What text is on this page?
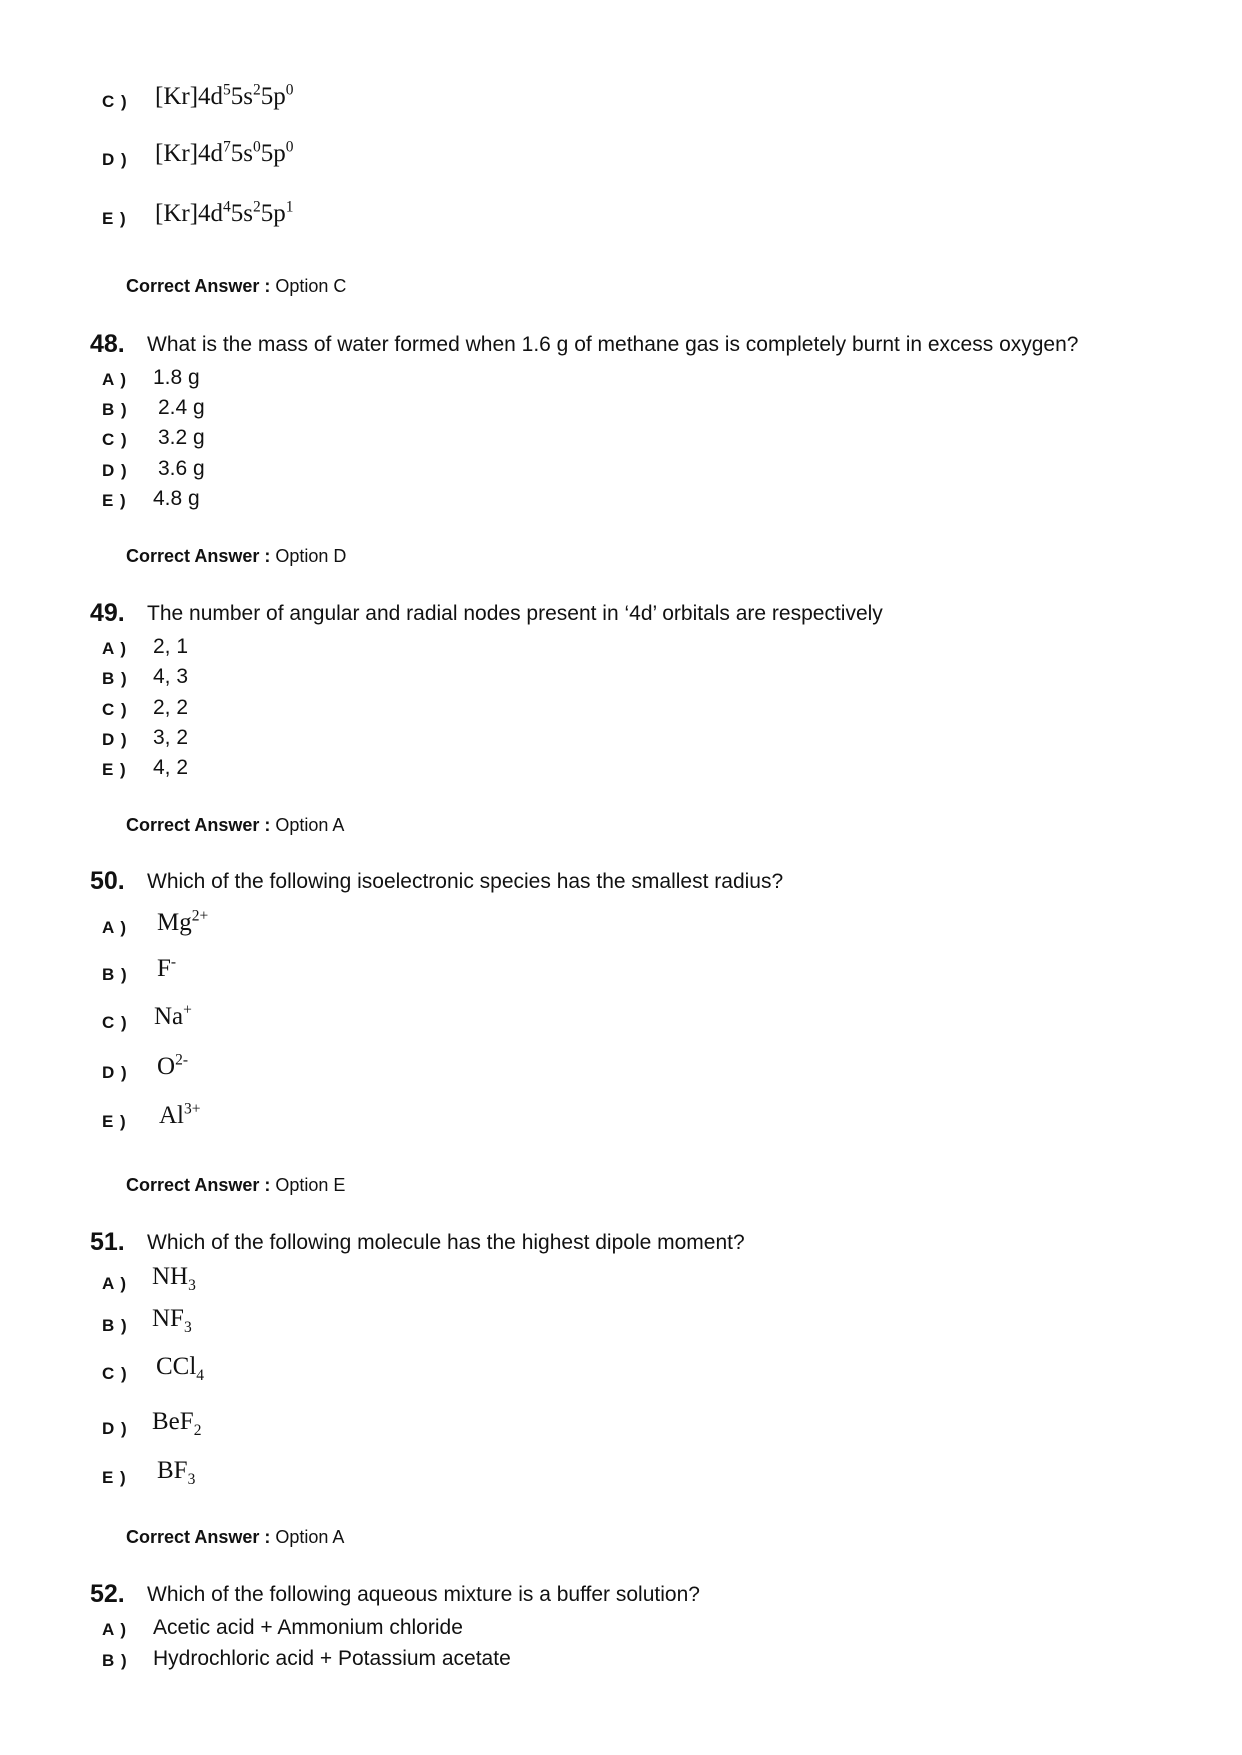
C ) $[Kr]4d^55s^25p^0$
D ) $[Kr]4d^75s^05p^0$
E ) $[Kr]4d^45s^25p^1$
Correct Answer : Option C
48. What is the mass of water formed when 1.6 g of methane gas is completely burnt in excess oxygen?
A ) 1.8 g
B ) 2.4 g
C ) 3.2 g
D ) 3.6 g
E ) 4.8 g
Correct Answer : Option D
49. The number of angular and radial nodes present in ‘4d’ orbitals are respectively
A ) 2, 1
B ) 4, 3
C ) 2, 2
D ) 3, 2
E ) 4, 2
Correct Answer : Option A
50. Which of the following isoelectronic species has the smallest radius?
A ) $Mg^{2+}$
B ) F-
C ) Na+
D ) $O^{2-}$
E ) $Al^{3+}$
Correct Answer : Option E
51. Which of the following molecule has the highest dipole moment?
A ) $NH_3$
B ) $NF_3$
C ) CCl$_4$
D ) BeF$_2$
E ) $BF_3$
Correct Answer : Option A
52. Which of the following aqueous mixture is a buffer solution?
A ) Acetic acid + Ammonium chloride
B ) Hydrochloric acid + Potassium acetate
